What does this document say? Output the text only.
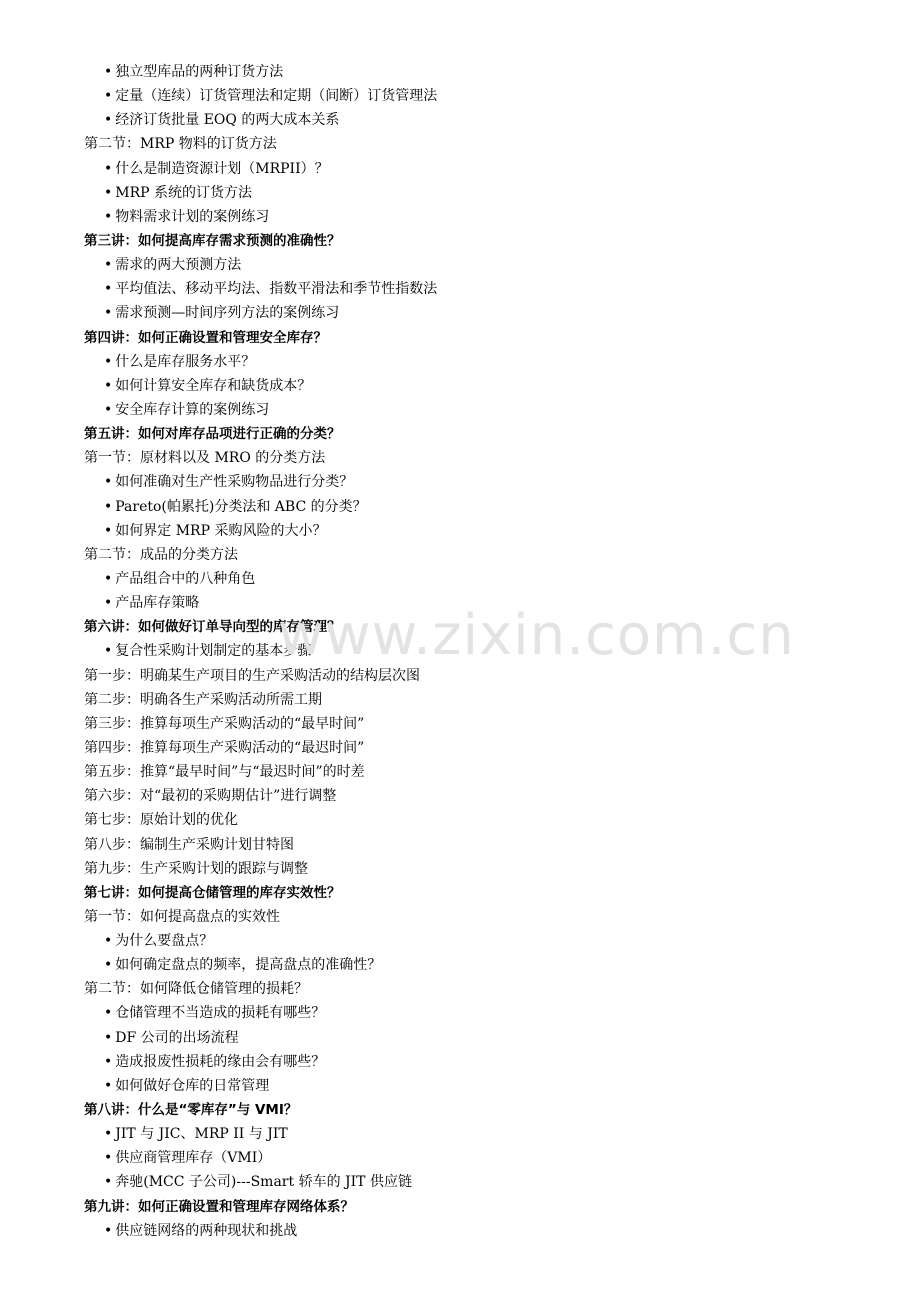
• 独立型库品的两种订货方法
• 定量（连续）订货管理法和定期（间断）订货管理法
• 经济订货批量 EOQ 的两大成本关系
第二节：MRP 物料的订货方法
• 什么是制造资源计划（MRPII）？
• MRP 系统的订货方法
• 物料需求计划的案例练习
第三讲：如何提高库存需求预测的准确性？
• 需求的两大预测方法
• 平均值法、移动平均法、指数平滑法和季节性指数法
• 需求预测—时间序列方法的案例练习
第四讲：如何正确设置和管理安全库存？
• 什么是库存服务水平？
• 如何计算安全库存和缺货成本？
• 安全库存计算的案例练习
第五讲：如何对库存品项进行正确的分类？
第一节：原材料以及 MRO 的分类方法
• 如何准确对生产性采购物品进行分类？
• Pareto(帕累托)分类法和 ABC 的分类？
• 如何界定 MRP 采购风险的大小？
第二节：成品的分类方法
• 产品组合中的八种角色
• 产品库存策略
第六讲：如何做好订单导向型的库存管理？
• 复合性采购计划制定的基本步骤
第一步：明确某生产项目的生产采购活动的结构层次图
第二步：明确各生产采购活动所需工期
第三步：推算每项生产采购活动的“最早时间”
第四步：推算每项生产采购活动的“最迟时间”
第五步：推算“最早时间”与“最迟时间”的时差
第六步：对“最初的采购期估计”进行调整
第七步：原始计划的优化
第八步：编制生产采购计划甘特图
第九步：生产采购计划的跟踪与调整
第七讲：如何提高仓储管理的库存实效性？
第一节：如何提高盘点的实效性
• 为什么要盘点？
• 如何确定盘点的频率，提高盘点的准确性？
第二节：如何降低仓储管理的损耗？
• 仓储管理不当造成的损耗有哪些？
• DF 公司的出场流程
• 造成报废性损耗的缘由会有哪些？
• 如何做好仓库的日常管理
第八讲：什么是“零库存”与 VMI？
• JIT 与 JIC、MRP II 与 JIT
• 供应商管理库存（VMI）
• 奔驰(MCC 子公司)---Smart 轿车的 JIT 供应链
第九讲：如何正确设置和管理库存网络体系？
• 供应链网络的两种现状和挑战
www.zixin.com.cn
